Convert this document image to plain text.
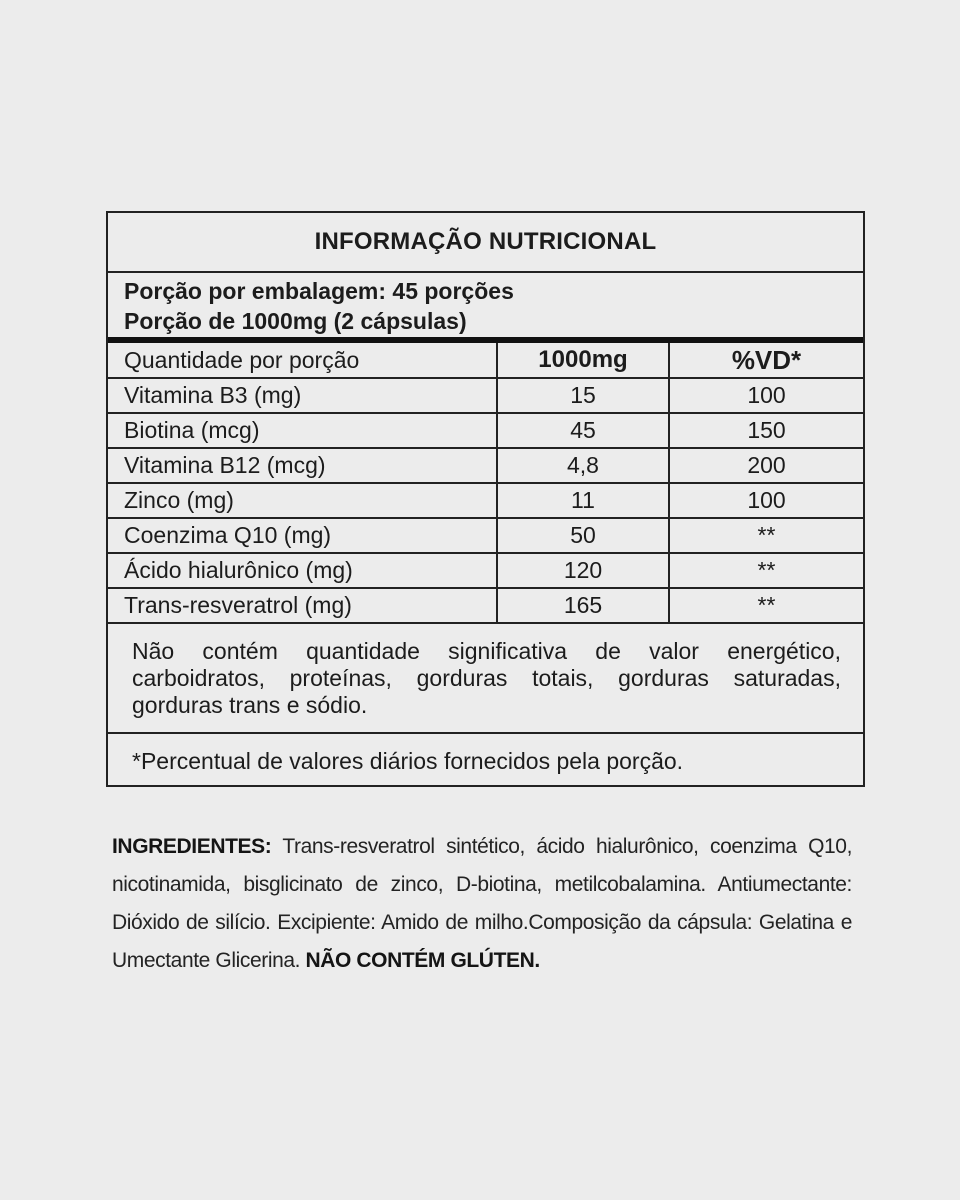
INFORMAÇÃO NUTRICIONAL
Porção por embalagem: 45 porções
Porção de 1000mg (2 cápsulas)
Quantidade por porção	1000mg	%VD*
Vitamina B3 (mg)	15	100
Biotina (mcg)	45	150
Vitamina B12 (mcg)	4,8	200
Zinco (mg)	11	100
Coenzima Q10 (mg)	50	**
Ácido hialurônico (mg)	120	**
Trans-resveratrol (mg)	165	**
Não contém quantidade significativa de valor energético, carboidratos, proteínas, gorduras totais, gorduras saturadas, gorduras trans e sódio.
*Percentual de valores diários fornecidos pela porção.
INGREDIENTES: Trans-resveratrol sintético, ácido hialurônico, coenzima Q10, nicotinamida, bisglicinato de zinco, D-biotina, metilcobalamina. Antiumectante: Dióxido de silício. Excipiente: Amido de milho.Composição da cápsula: Gelatina e Umectante Glicerina. NÃO CONTÉM GLÚTEN.
